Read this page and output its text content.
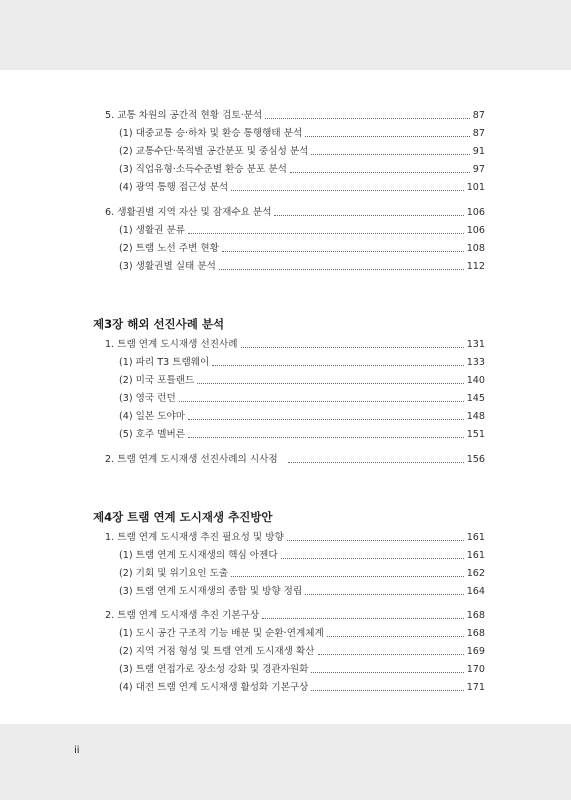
5. 교통 차원의 공간적 현황 검토·분석	87
(1) 대중교통 승·하차 및 환승 통행행태 분석	87
(2) 교통수단·목적별 공간분포 및 중심성 분석	91
(3) 직업유형·소득수준별 환승 분포 분석	97
(4) 광역 통행 접근성 분석	101
6. 생활권별 지역 자산 및 잠재수요 분석	106
(1) 생활권 분류	106
(2) 트램 노선 주변 현황	108
(3) 생활권별 실태 분석	112
제3장 해외 선진사례 분석
1. 트램 연계 도시재생 선진사례	131
(1) 파리 T3 트램웨이	133
(2) 미국 포틀랜드	140
(3) 영국 런던	145
(4) 일본 도야마	148
(5) 호주 멜버른	151
2. 트램 연계 도시재생 선진사례의 시사점	156
제4장 트램 연계 도시재생 추진방안
1. 트램 연계 도시재생 추진 필요성 및 방향	161
(1) 트램 연계 도시재생의 핵심 아젠다	161
(2) 기회 및 위기요인 도출	162
(3) 트램 연계 도시재생의 종합 및 방향 정립	164
2. 트램 연계 도시재생 추진 기본구상	168
(1) 도시 공간 구조적 기능 배분 및 순환·연계체계	168
(2) 지역 거점 형성 및 트램 연계 도시재생 확산	169
(3) 트램 연접가로 장소성 강화 및 경관자원화	170
(4) 대전 트램 연계 도시재생 활성화 기본구상	171
ii
